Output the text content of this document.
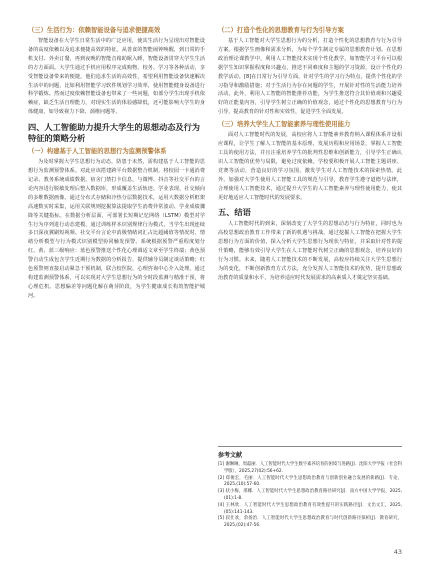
（三）生活行为：依赖智能设备与追求便捷高效

智能设备在大学生日常生活中的广泛应用，使其生活行为呈现出对智能设备的高度依赖以及追求便捷高效的特征。从善食的智能闹钟唤醒，到日常的手机支付、外卖订餐，再到夜晚的智能音箱助眠入睡，智能设备贯穿大学生生活的方方面面。大学生通过手机应用程序完成购物、校务、学习等各种活动，享受智能设备带来的便捷。他们追求生活的高效性，希望利用智能设备快速解决生活中的问题，比如利用智能学习软件规划学习效率，使用智能健身设备进行科学锻炼。然而过度依赖智能设备也带来了一些问题，如部分学生出现手机依赖症，缺乏生活自理能力，对现实生活的体验感降低，还可能影响大学生的身体健康，如导致视力下降、颈椎问题等。

四、人工智能助力提升大学生的思想动态及行为特征的策略分析

（一）构建基于人工智能的思想行为监测预警体系

为及时掌握大学生思想行为动态，防患于未然，需构建基于人工智能的思想行为监测预警体系。对此应该搭建跨平台数据整合机制，将校园一卡通消费记录、教务系统成绩数据、宿舍门禁打卡信息，与微博、抖音等社交平台的言论内容进行脱敏处理后整入数据库，形成覆盖生活轨迹、学业表现、社交倾向的多维数据画像。通过分布式存储和冷热分层数据技术，运用大数据分析框架高速数实时采集，运用关联规则挖掘算法提取学生消费异常波动、学业成绩骤降等关键指标。在数据分析层面，可部署长短期记忆网络（LSTM）模型对学生行为序列进行动态建模，通过训练样本识别规律行为模式，当学生出现连续多日深夜翼刷短视频、社交平台言论中消极情绪词汇占比超阈值等情况时，情绪分析模型与行为模式识别模型协同触发预警。系统根据预警严重程度划分红、黄、蓝三级响应：蓝色预警推送个性化心理调适文章至学生终端；黄色预警自动生成包含学生近期行为数据的分析报告，提供辅导员制定谈话策略；红色预警则直接启动紧急干预机制，联合校医院、心理咨询中心介入处理。通过构建监测预警体系，可以实现对大学生思想行为的全时段监测与精准干预，将心理危机、思想偏差等问题化解在萌芽阶段，为学生健康成长构筑智能护城河。

（二）打造个性化的思想教育与行为引导方案

基于人工智能对大学生思想行为的分析，打造个性化的思想教育与行为引导方案。根据学生画像和需求分析，为每个学生制定专属的思想教育计划。在思想政治理论课教学中，利用人工智能技术实现个性化教学。如智能学习平台可以根据学生知识掌握程度和兴趣点，推送不同难度和主题的学习资源，设计个性化的教学活动。[8]在日常行为引导方面，针对学生的学习行为特点，提供个性化的学习指导和激励措施；对于生活行为存在问题的学生，开展针对性的生活能力培养活动。此外，利用人工智能的智能推荐功能，为学生推送符合其价值观和兴趣爱好的正能量内容，引导学生树立正确的价值观念，通过个性化的思想教育与行为引导，提高教育的针对性和实效性，促进学生全面发展。

（三）培养大学生人工智能素养与理性使用能力

面对人工智能时代的发展，高校应将人工智能素养教育纳入课程体系并设相应课程，让学生了解人工智能的基本原理、发展历程和应用场景，掌握人工智能工具的使用方法，并且注重培养学生的批判性思维和创新能力，引导学生正确认识人工智能的优势与局限，避免过度依赖。学校要积极开展人工智能主题讲座、竞赛等活动，营造良好的学习氛围，激发学生对人工智能技术的探索热情。此外，加强对大学生使用人工智能工具的规范与引导，教育学生遵守道德与法律，合理使用人工智能技术，通过提升大学生的人工智能素养与理性使用能力，使其更好地适应人工智能时代的发展要求。

五、结语

人工智能时代的到来，深刻改变了大学生的思想动态与行为特征，同时也为高校思想政治教育工作带来了新的机遇与挑战。通过挖掘人工智能在把握大学生思想行为方面的价值，探入分析大学生思想行为现状与特征，并采取针对性的提升策略，能够有效引导大学生在人工智能时代树立正确的思想观念，培养良好的行为习惯。未来，随着人工智能技术的不断发展，高校应持续关注大学生思想行为的变化，不断创新教育方式方法，充分发挥人工智能技术的优势，提升思想政治教育的质量和水平，为培养适应时代发展需求的高素质人才奠定坚实基础。

参考文献

[1] 谢琳琳，周磊丽．人工智能时代大学生数字素养培育的困境与进路[J]．沈阳大学学报（社会科学版），2025,27(02):56+62.

[2] 郑俊宏，毛丽．人工智能时代大学生思想政治教育与创新创业融合发展的新路[J]．专论，2025,(10):57-60.

[3] 状小梅，邢娜．人工智能时代大学生思想政治教育路径研究[J]．南方中国大学学报，2025,(01):1-8.

[4] 王林欣．人工智能时代大学生思想政治教育有效性提升的实践路径[J]．文出文汇，2025,(05):141-143.

[5] 叔仕欢，余扬治．人工智能时代大学生思想政治教育与时代创新路径探析[J]．教育研究，2025,(02):47-56.

43
